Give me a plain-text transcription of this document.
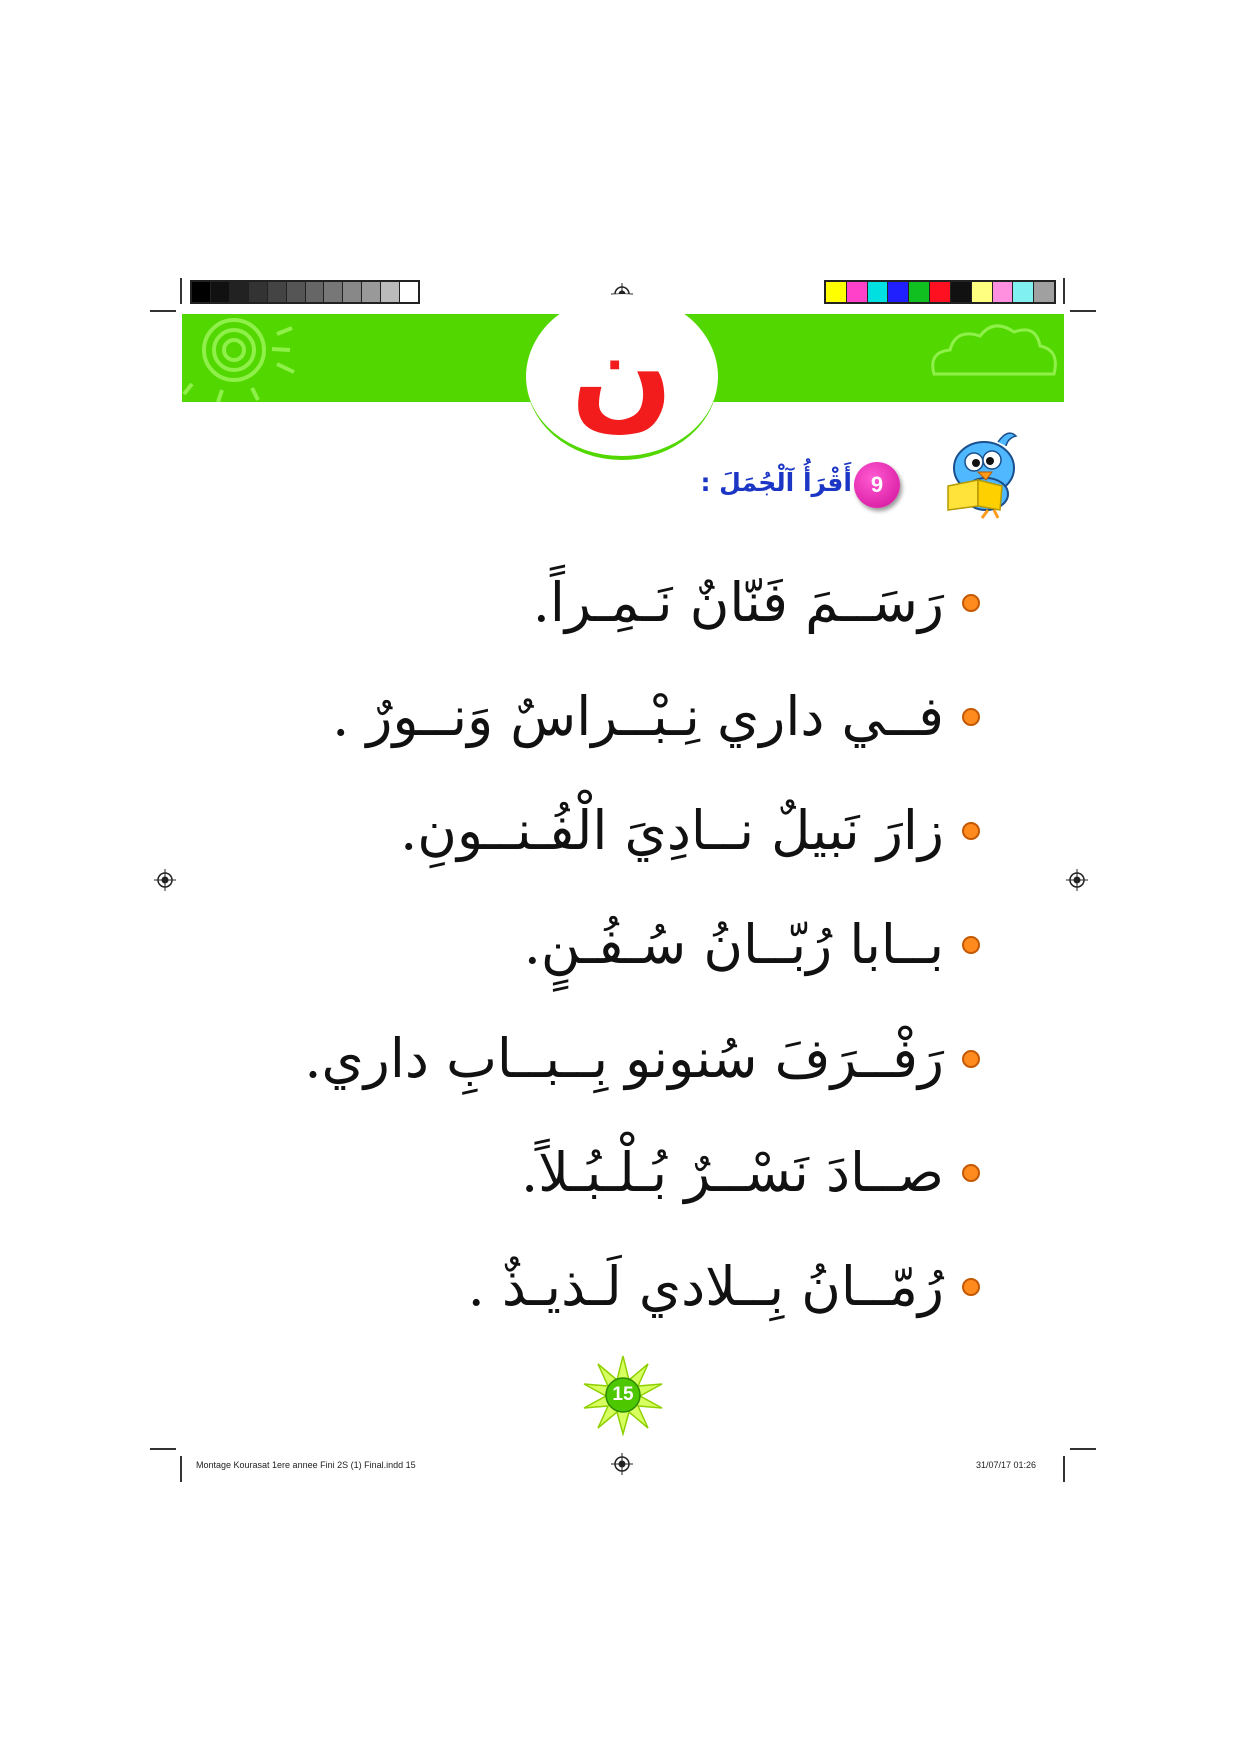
ن
9
أَقْرَأُ آلْجُمَلَ :
رَسَــمَ فَنّانٌ نَـمِـراً.
فــي داري نِـبْــراسٌ وَنــورٌ .
زارَ نَبيلٌ نــادِيَ الْفُـنــونِ.
بــابا رُبّــانُ سُـفُـنٍ.
رَفْــرَفَ سُنونو بِــبــابِ داري.
صــادَ نَسْــرٌ بُـلْـبُـلاً.
رُمّــانُ بِــلادي لَـذيـذٌ .
15
Montage Kourasat 1ere annee Fini 2S (1) Final.indd 15	31/07/17 01:26
